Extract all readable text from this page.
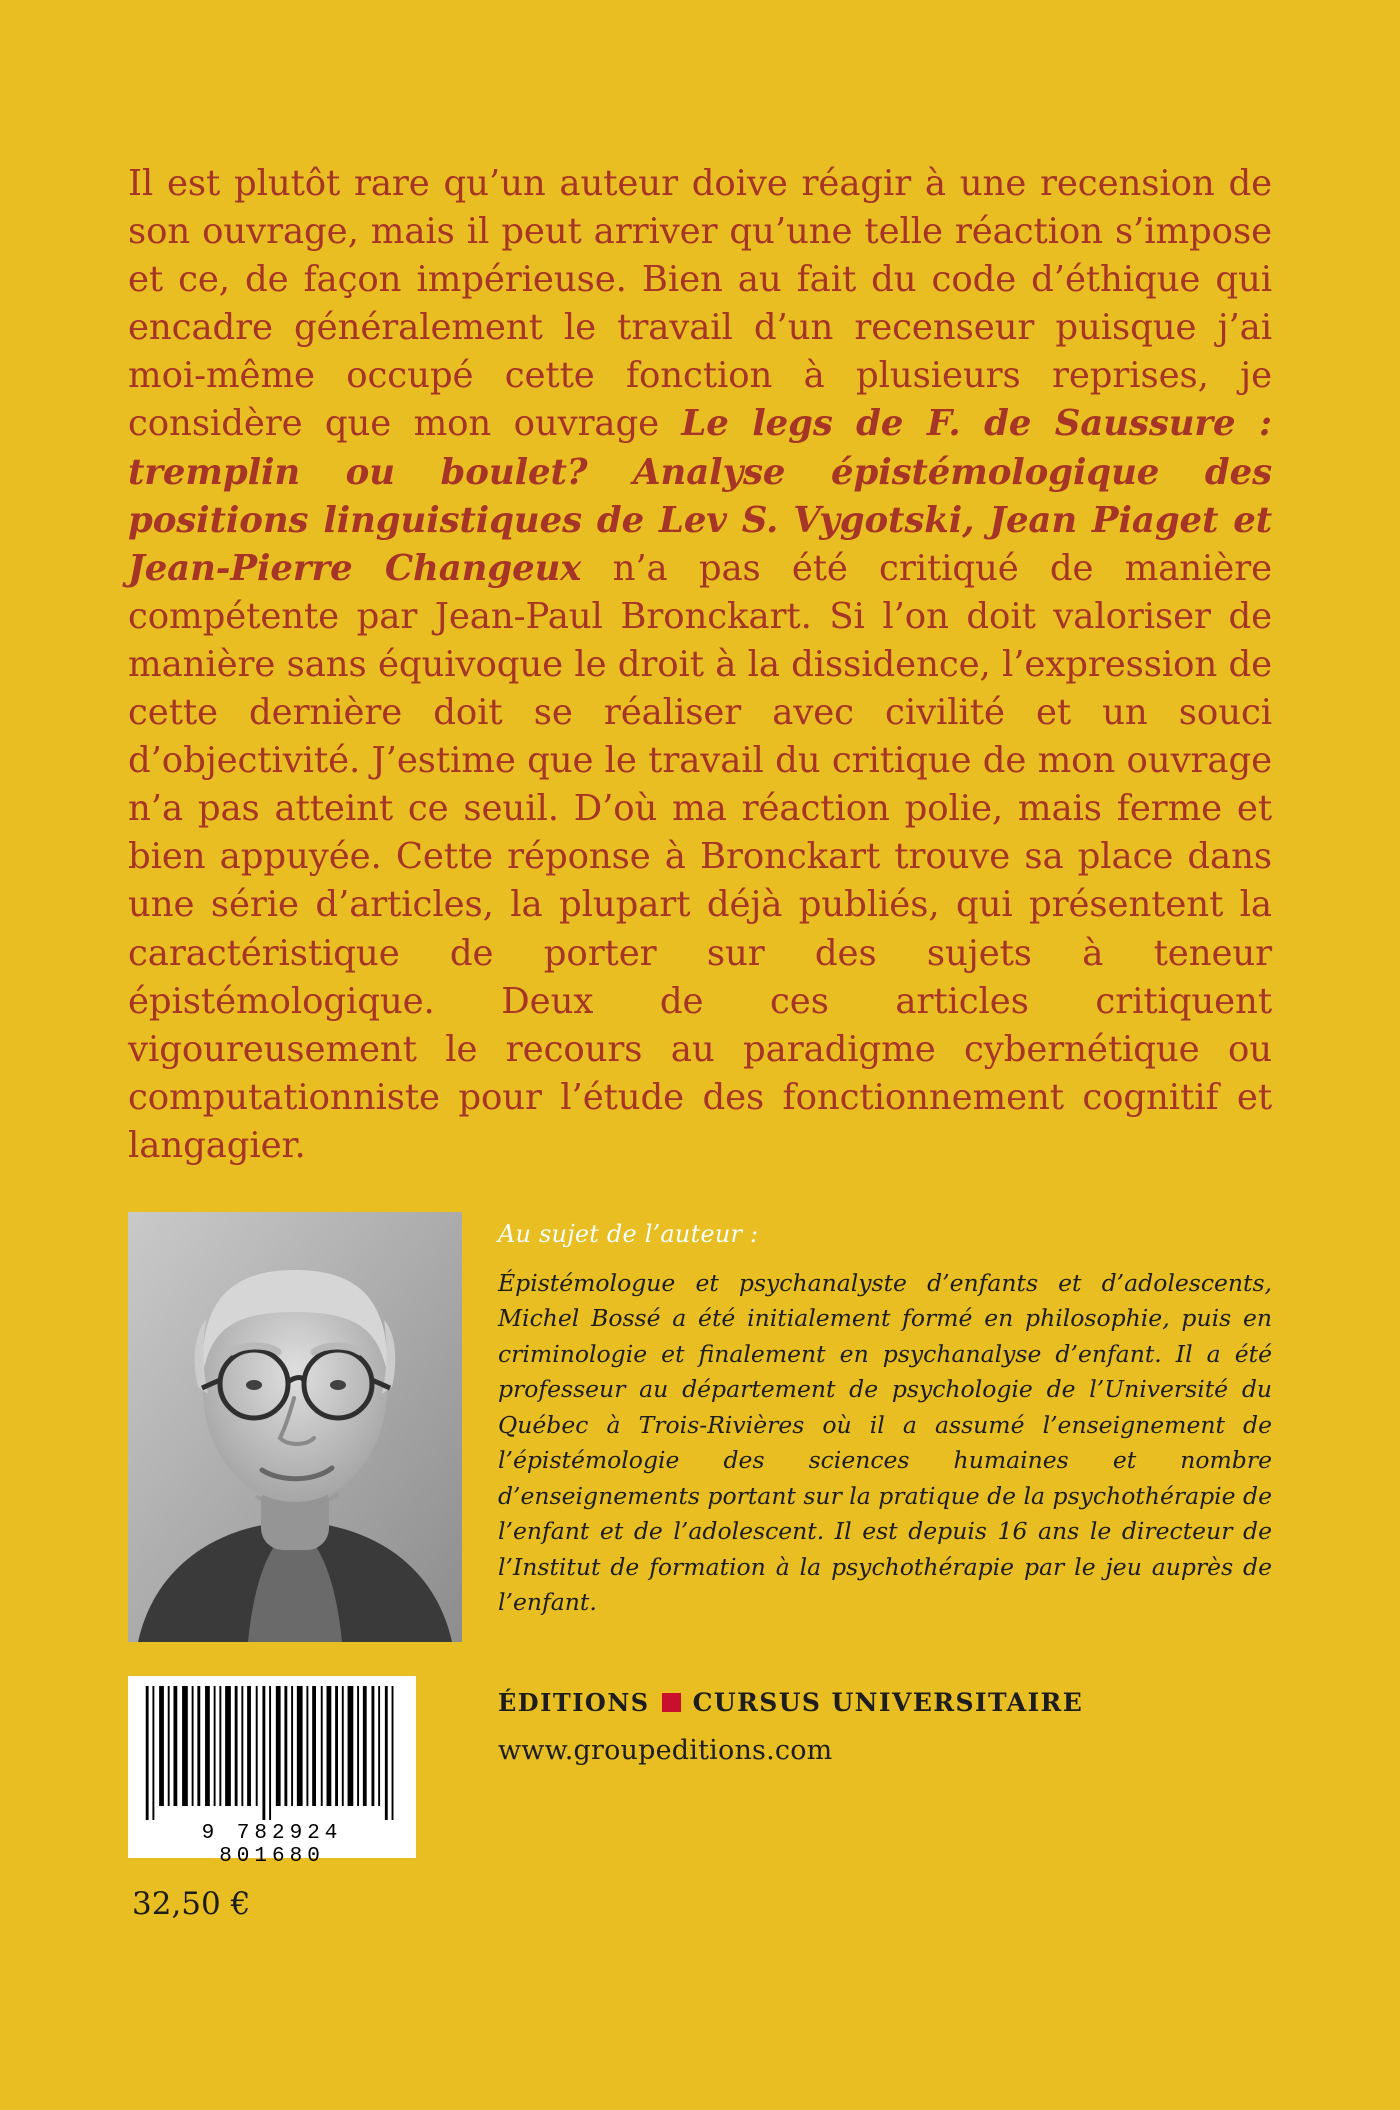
Il est plutôt rare qu’un auteur doive réagir à une recension de son ouvrage, mais il peut arriver qu’une telle réaction s’impose et ce, de façon impérieuse. Bien au fait du code d’éthique qui encadre généralement le travail d’un recenseur puisque j’ai moi-même occupé cette fonction à plusieurs reprises, je considère que mon ouvrage Le legs de F. de Saussure : tremplin ou boulet? Analyse épistémologique des positions linguistiques de Lev S. Vygotski, Jean Piaget et Jean-Pierre Changeux n’a pas été critiqué de manière compétente par Jean-Paul Bronckart. Si l’on doit valoriser de manière sans équivoque le droit à la dissidence, l’expression de cette dernière doit se réaliser avec civilité et un souci d’objectivité. J’estime que le travail du critique de mon ouvrage n’a pas atteint ce seuil. D’où ma réaction polie, mais ferme et bien appuyée. Cette réponse à Bronckart trouve sa place dans une série d’articles, la plupart déjà publiés, qui présentent la caractéristique de porter sur des sujets à teneur épistémologique. Deux de ces articles critiquent vigoureusement le recours au paradigme cybernétique ou computationniste pour l’étude des fonctionnement cognitif et langagier.

Au sujet de l’auteur :

Épistémologue et psychanalyste d’enfants et d’adolescents, Michel Bossé a été initialement formé en philosophie, puis en criminologie et finalement en psychanalyse d’enfant. Il a été professeur au département de psychologie de l’Université du Québec à Trois-Rivières où il a assumé l’enseignement de l’épistémologie des sciences humaines et nombre d’enseignements portant sur la pratique de la psychothérapie de l’enfant et de l’adolescent. Il est depuis 16 ans le directeur de l’Institut de formation à la psychothérapie par le jeu auprès de l’enfant.

9 782924 801680
32,50 €
ÉDITIONS CURSUS UNIVERSITAIRE
www.groupeditions.com
